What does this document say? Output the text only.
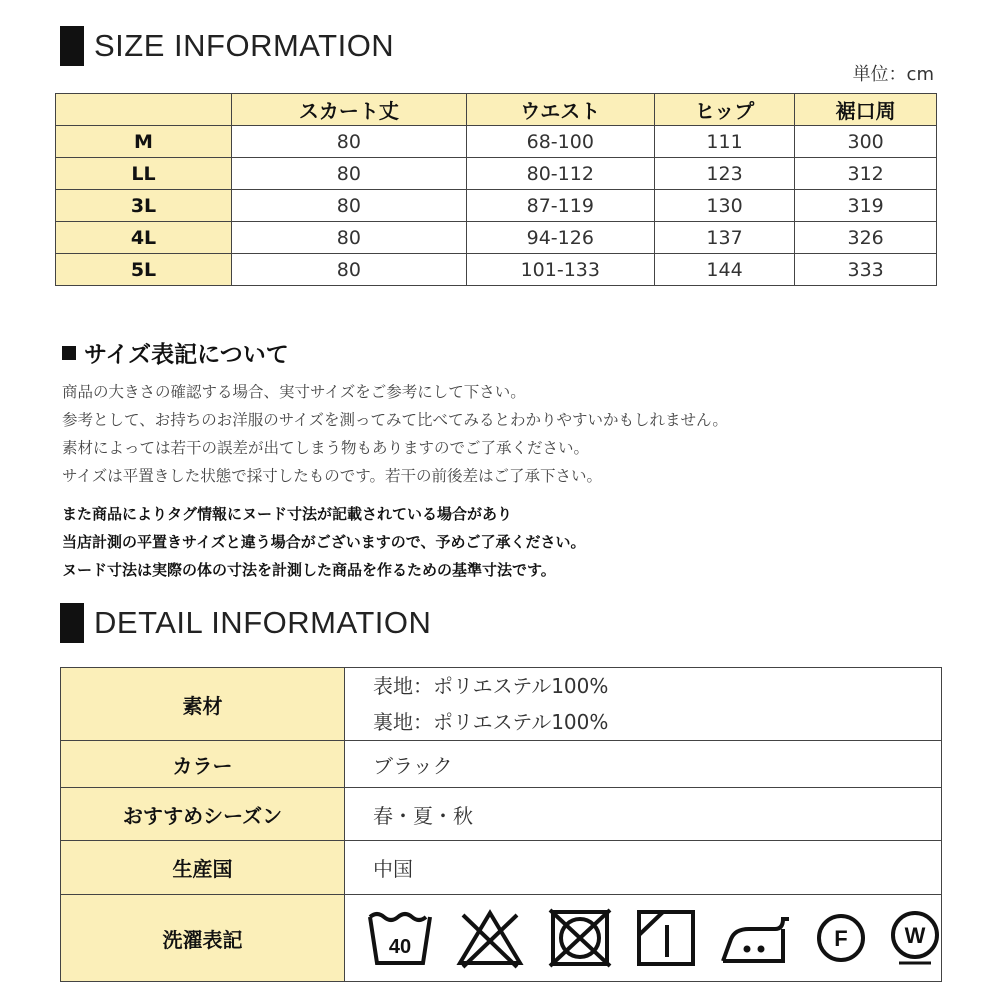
SIZE INFORMATION
単位：cm
	スカート丈	ウエスト	ヒップ	裾口周
M	80	68-100	111	300
LL	80	80-112	123	312
3L	80	87-119	130	319
4L	80	94-126	137	326
5L	80	101-133	144	333
サイズ表記について
商品の大きさの確認する場合、実寸サイズをご参考にして下さい。
参考として、お持ちのお洋服のサイズを測ってみて比べてみるとわかりやすいかもしれません。
素材によっては若干の誤差が出てしまう物もありますのでご了承ください。
サイズは平置きした状態で採寸したものです。若干の前後差はご了承下さい。
また商品によりタグ情報にヌード寸法が記載されている場合があり
当店計測の平置きサイズと違う場合がございますので、予めご了承ください。
ヌード寸法は実際の体の寸法を計測した商品を作るための基準寸法です。
DETAIL INFORMATION
素材	表地：ポリエステル100%
裏地：ポリエステル100%

カラー	ブラック
おすすめシーズン	春・夏・秋
生産国	中国
洗濯表記	40 F W
